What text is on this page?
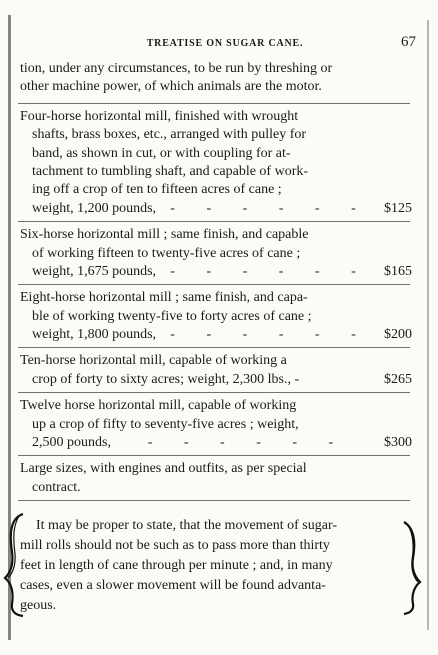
TREATISE ON SUGAR CANE.	67
tion, under any circumstances, to be run by threshing or
other machine power, of which animals are the motor.
Four-horse horizontal mill, finished with wrought
shafts, brass boxes, etc., arranged with pulley for
band, as shown in cut, or with coupling for at-
tachment to tumbling shaft, and capable of work-
ing off a crop of ten to fifteen acres of cane ;
weight, 1,200 pounds,	- - - - - -	$125
Six-horse horizontal mill ; same finish, and capable
of working fifteen to twenty-five acres of cane ;
weight, 1,675 pounds,	- - - - - -	$165
Eight-horse horizontal mill ; same finish, and capa-
ble of working twenty-five to forty acres of cane ;
weight, 1,800 pounds,	- - - - - -	$200
Ten-horse horizontal mill, capable of working a
crop of forty to sixty acres; weight, 2,300 lbs., -	$265
Twelve horse horizontal mill, capable of working
up a crop of fifty to seventy-five acres ; weight,
2,500 pounds,	- - - - - -	$300
Large sizes, with engines and outfits, as per special
contract.
It may be proper to state, that the movement of sugar-
mill rolls should not be such as to pass more than thirty
feet in length of cane through per minute ; and, in many
cases, even a slower movement will be found advanta-
geous.
